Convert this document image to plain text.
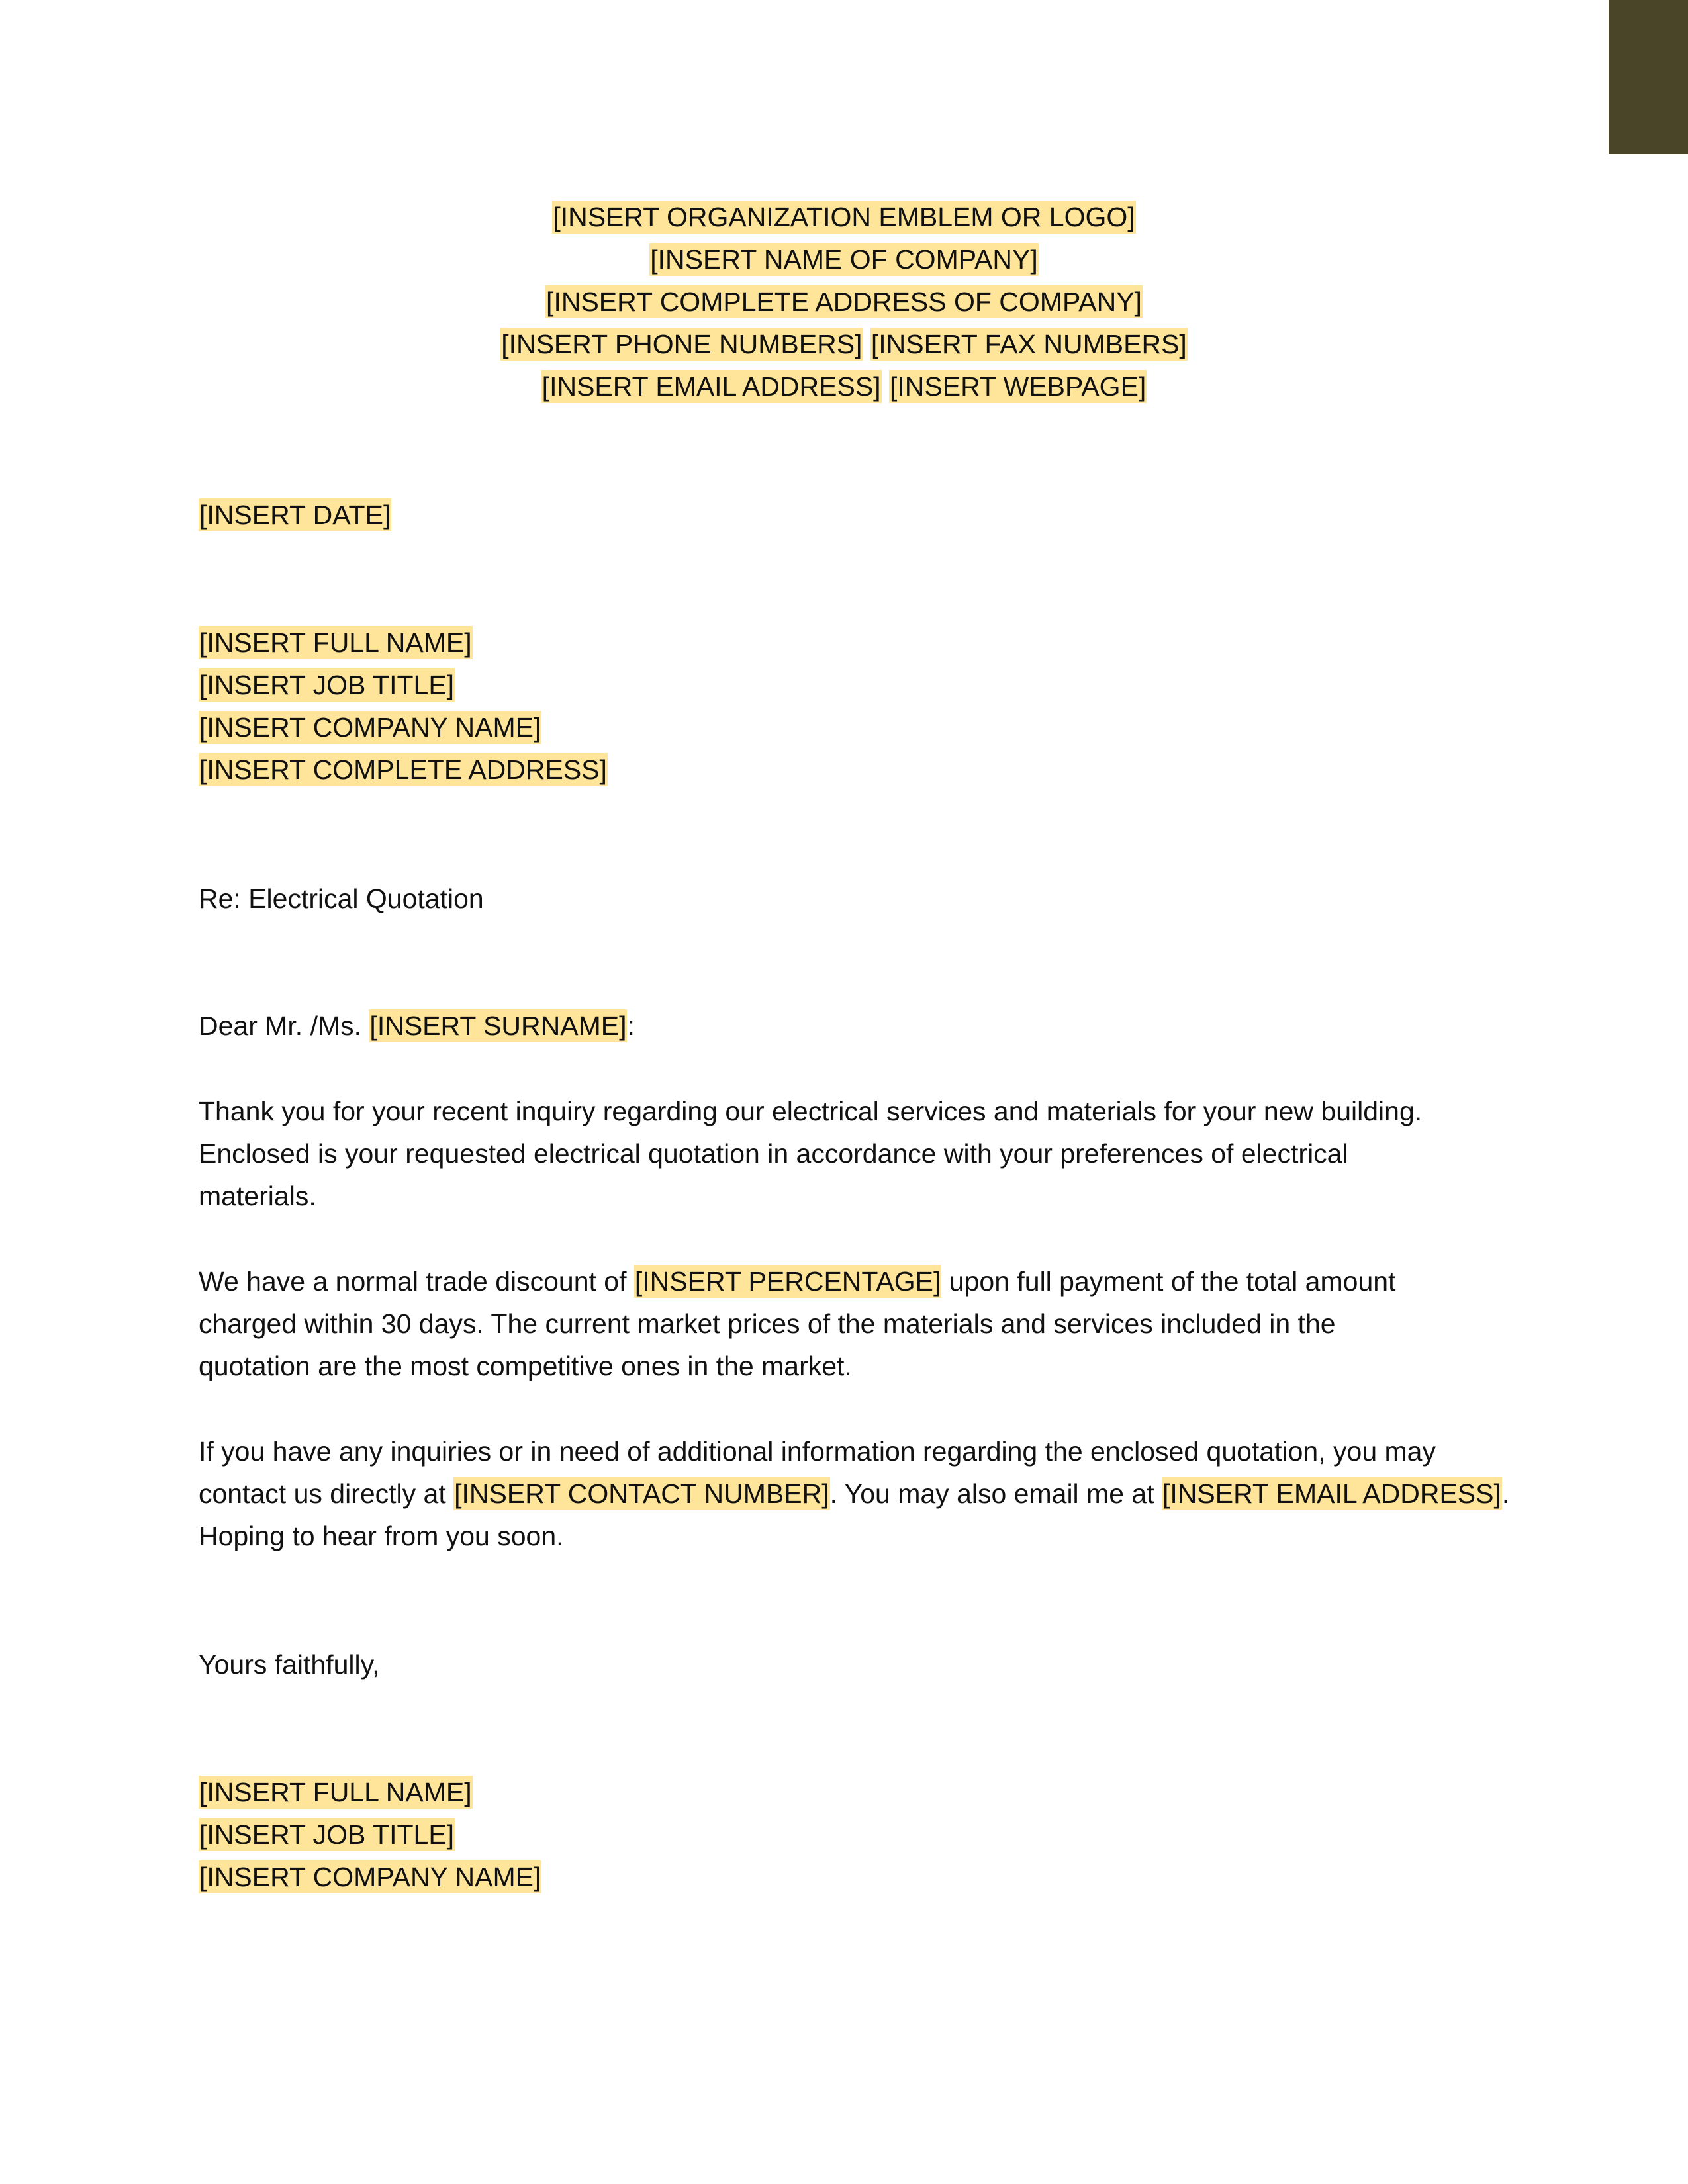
[INSERT ORGANIZATION EMBLEM OR LOGO]
[INSERT NAME OF COMPANY]
[INSERT COMPLETE ADDRESS OF COMPANY]
[INSERT PHONE NUMBERS] [INSERT FAX NUMBERS]
[INSERT EMAIL ADDRESS] [INSERT WEBPAGE]
[INSERT DATE]
[INSERT FULL NAME]
[INSERT JOB TITLE]
[INSERT COMPANY NAME]
[INSERT COMPLETE ADDRESS]
Re: Electrical Quotation
Dear Mr. /Ms. [INSERT SURNAME]:
Thank you for your recent inquiry regarding our electrical services and materials for your new building.
Enclosed is your requested electrical quotation in accordance with your preferences of electrical
materials.
We have a normal trade discount of [INSERT PERCENTAGE] upon full payment of the total amount
charged within 30 days. The current market prices of the materials and services included in the
quotation are the most competitive ones in the market.
If you have any inquiries or in need of additional information regarding the enclosed quotation, you may
contact us directly at [INSERT CONTACT NUMBER]. You may also email me at [INSERT EMAIL ADDRESS].
Hoping to hear from you soon.
Yours faithfully,
[INSERT FULL NAME]
[INSERT JOB TITLE]
[INSERT COMPANY NAME]
